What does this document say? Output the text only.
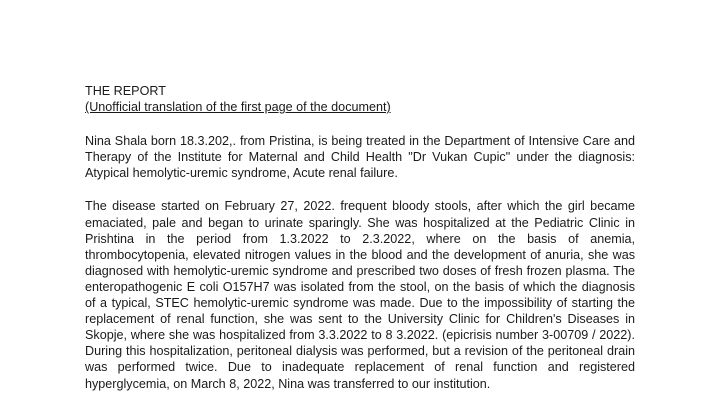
THE REPORT

(Unofficial translation of the first page of the document)

Nina Shala born 18.3.202,. from Pristina, is being treated in the Department of Intensive Care and Therapy of the Institute for Maternal and Child Health "Dr Vukan Cupic" under the diagnosis: Atypical hemolytic-uremic syndrome, Acute renal failure.

The disease started on February 27, 2022. frequent bloody stools, after which the girl became emaciated, pale and began to urinate sparingly. She was hospitalized at the Pediatric Clinic in Prishtina in the period from 1.3.2022 to 2.3.2022, where on the basis of anemia, thrombocytopenia, elevated nitrogen values in the blood and the development of anuria, she was diagnosed with hemolytic-uremic syndrome and prescribed two doses of fresh frozen plasma. The enteropathogenic E coli O157H7 was isolated from the stool, on the basis of which the diagnosis of a typical, STEC hemolytic-uremic syndrome was made. Due to the impossibility of starting the replacement of renal function, she was sent to the University Clinic for Children's Diseases in Skopje, where she was hospitalized from 3.3.2022 to 8 3.2022. (epicrisis number 3-00709 / 2022). During this hospitalization, peritoneal dialysis was performed, but a revision of the peritoneal drain was performed twice. Due to inadequate replacement of renal function and registered hyperglycemia, on March 8, 2022, Nina was transferred to our institution.
